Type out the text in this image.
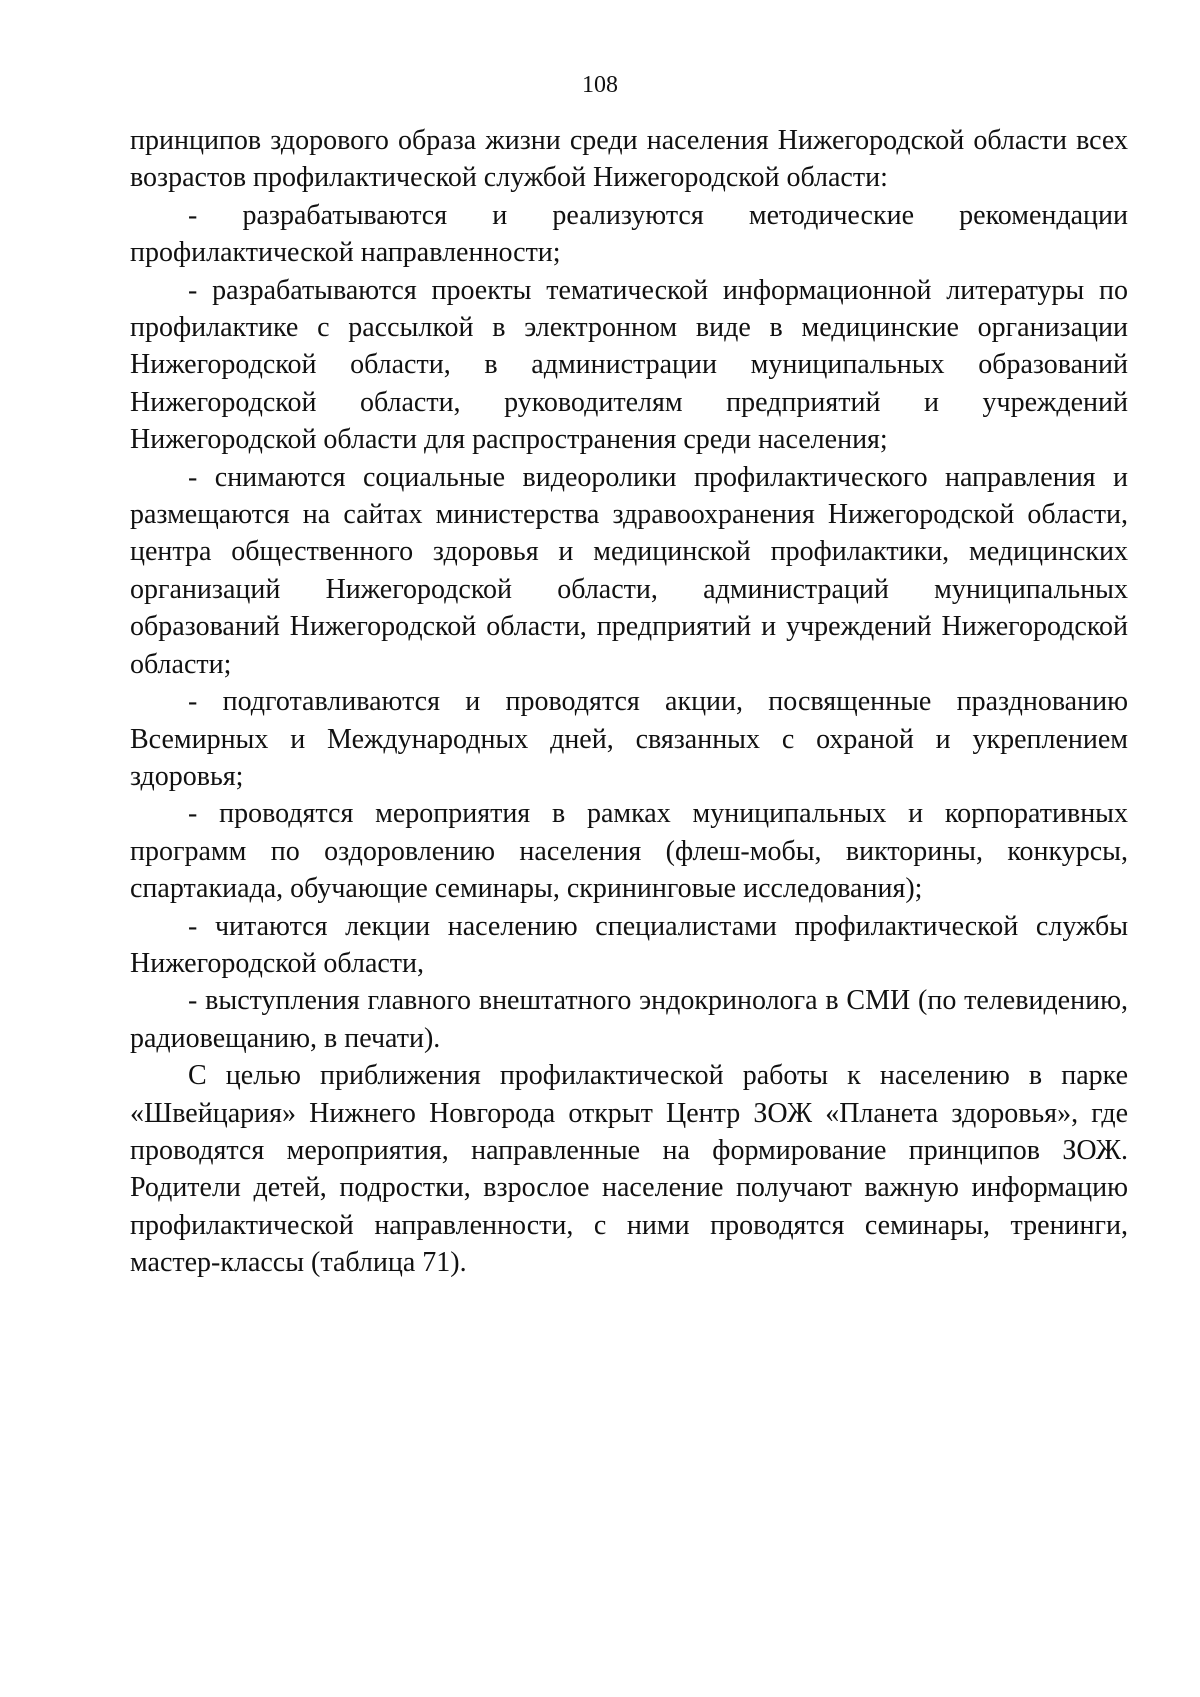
108

принципов здорового образа жизни среди населения Нижегородской области всех возрастов профилактической службой Нижегородской области:

- разрабатываются и реализуются методические рекомендации профилактической направленности;

- разрабатываются проекты тематической информационной литературы по профилактике с рассылкой в электронном виде в медицинские организации Нижегородской области, в администрации муниципальных образований Нижегородской области, руководителям предприятий и учреждений Нижегородской области для распространения среди населения;

- снимаются социальные видеоролики профилактического направления и размещаются на сайтах министерства здравоохранения Нижегородской области, центра общественного здоровья и медицинской профилактики, медицинских организаций Нижегородской области, администраций муниципальных образований Нижегородской области, предприятий и учреждений Нижегородской области;

- подготавливаются и проводятся акции, посвященные празднованию Всемирных и Международных дней, связанных с охраной и укреплением здоровья;

- проводятся мероприятия в рамках муниципальных и корпоративных программ по оздоровлению населения (флеш-мобы, викторины, конкурсы, спартакиада, обучающие семинары, скрининговые исследования);

- читаются лекции населению специалистами профилактической службы Нижегородской области,

- выступления главного внештатного эндокринолога в СМИ (по телевидению, радиовещанию, в печати).

С целью приближения профилактической работы к населению в парке «Швейцария» Нижнего Новгорода открыт Центр ЗОЖ «Планета здоровья», где проводятся мероприятия, направленные на формирование принципов ЗОЖ. Родители детей, подростки, взрослое население получают важную информацию профилактической направленности, с ними проводятся семинары, тренинги, мастер-классы (таблица 71).
